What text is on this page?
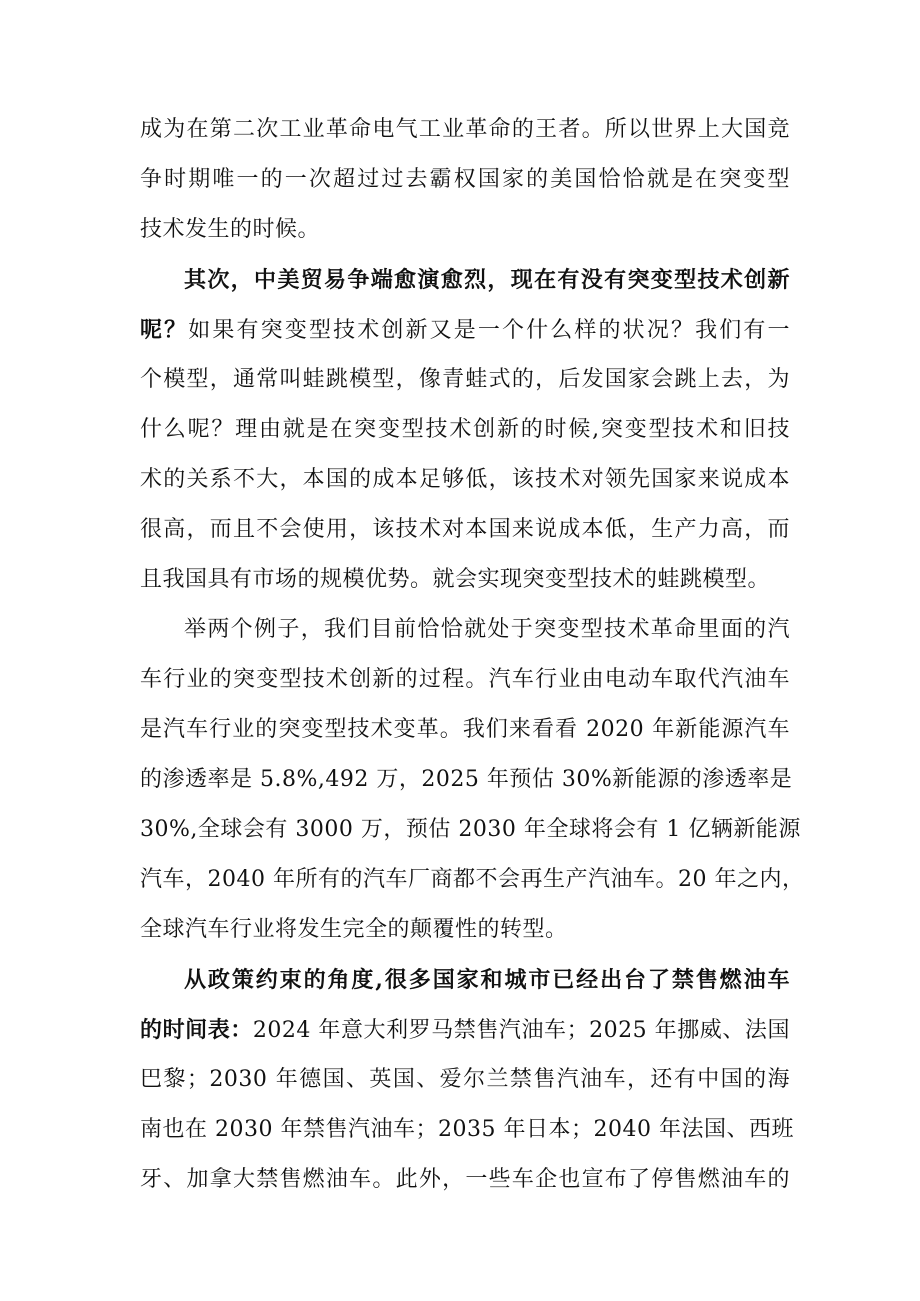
成为在第二次工业革命电气工业革命的王者。所以世界上大国竞

争时期唯一的一次超过过去霸权国家的美国恰恰就是在突变型

技术发生的时候。

其次，中美贸易争端愈演愈烈，现在有没有突变型技术创新

呢？如果有突变型技术创新又是一个什么样的状况？我们有一

个模型，通常叫蛙跳模型，像青蛙式的，后发国家会跳上去，为

什么呢？理由就是在突变型技术创新的时候,突变型技术和旧技

术的关系不大，本国的成本足够低，该技术对领先国家来说成本

很高，而且不会使用，该技术对本国来说成本低，生产力高，而

且我国具有市场的规模优势。就会实现突变型技术的蛙跳模型。

举两个例子，我们目前恰恰就处于突变型技术革命里面的汽

车行业的突变型技术创新的过程。汽车行业由电动车取代汽油车

是汽车行业的突变型技术变革。我们来看看 2020 年新能源汽车

的渗透率是 5.8%,492 万，2025 年预估 30%新能源的渗透率是

30%,全球会有 3000 万，预估 2030 年全球将会有 1 亿辆新能源

汽车，2040 年所有的汽车厂商都不会再生产汽油车。20 年之内，

全球汽车行业将发生完全的颠覆性的转型。

从政策约束的角度,很多国家和城市已经出台了禁售燃油车

的时间表：2024 年意大利罗马禁售汽油车；2025 年挪威、法国

巴黎；2030 年德国、英国、爱尔兰禁售汽油车，还有中国的海

南也在 2030 年禁售汽油车；2035 年日本；2040 年法国、西班

牙、加拿大禁售燃油车。此外，一些车企也宣布了停售燃油车的
